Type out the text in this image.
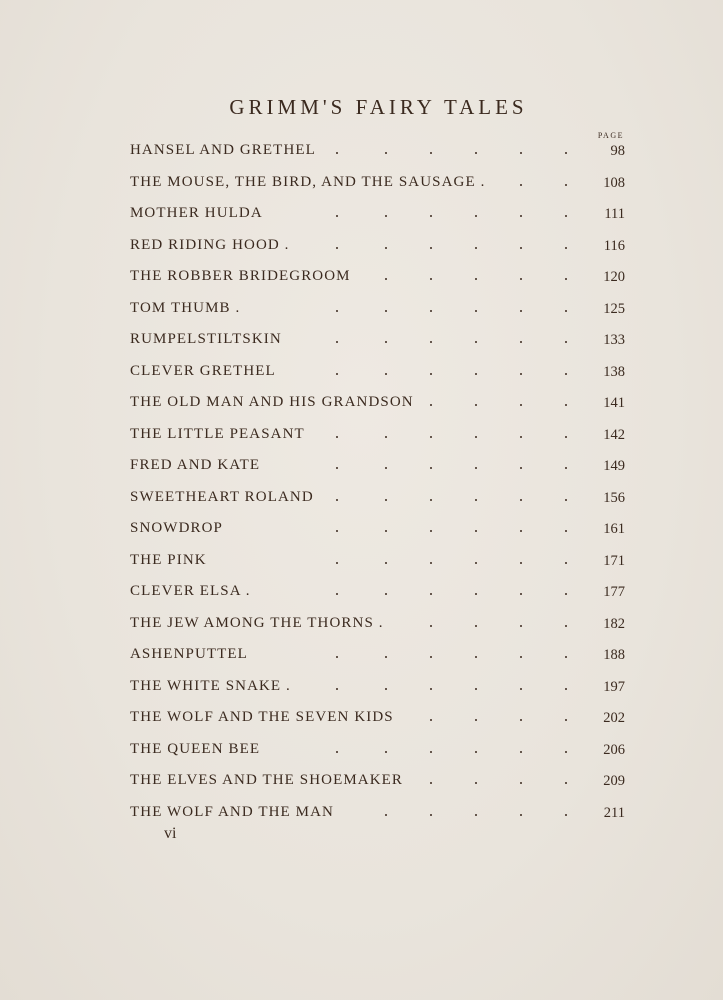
GRIMM'S FAIRY TALES
PAGE
HANSEL AND GRETHEL	98
THE MOUSE, THE BIRD, AND THE SAUSAGE .	108
MOTHER HULDA	111
RED RIDING HOOD .	116
THE ROBBER BRIDEGROOM	120
TOM THUMB .	125
RUMPELSTILTSKIN	133
CLEVER GRETHEL	138
THE OLD MAN AND HIS GRANDSON	141
THE LITTLE PEASANT	142
FRED AND KATE	149
SWEETHEART ROLAND	156
SNOWDROP	161
THE PINK	171
CLEVER ELSA .	177
THE JEW AMONG THE THORNS .	182
ASHENPUTTEL	188
THE WHITE SNAKE .	197
THE WOLF AND THE SEVEN KIDS	202
THE QUEEN BEE	206
THE ELVES AND THE SHOEMAKER	209
THE WOLF AND THE MAN	211
vi
